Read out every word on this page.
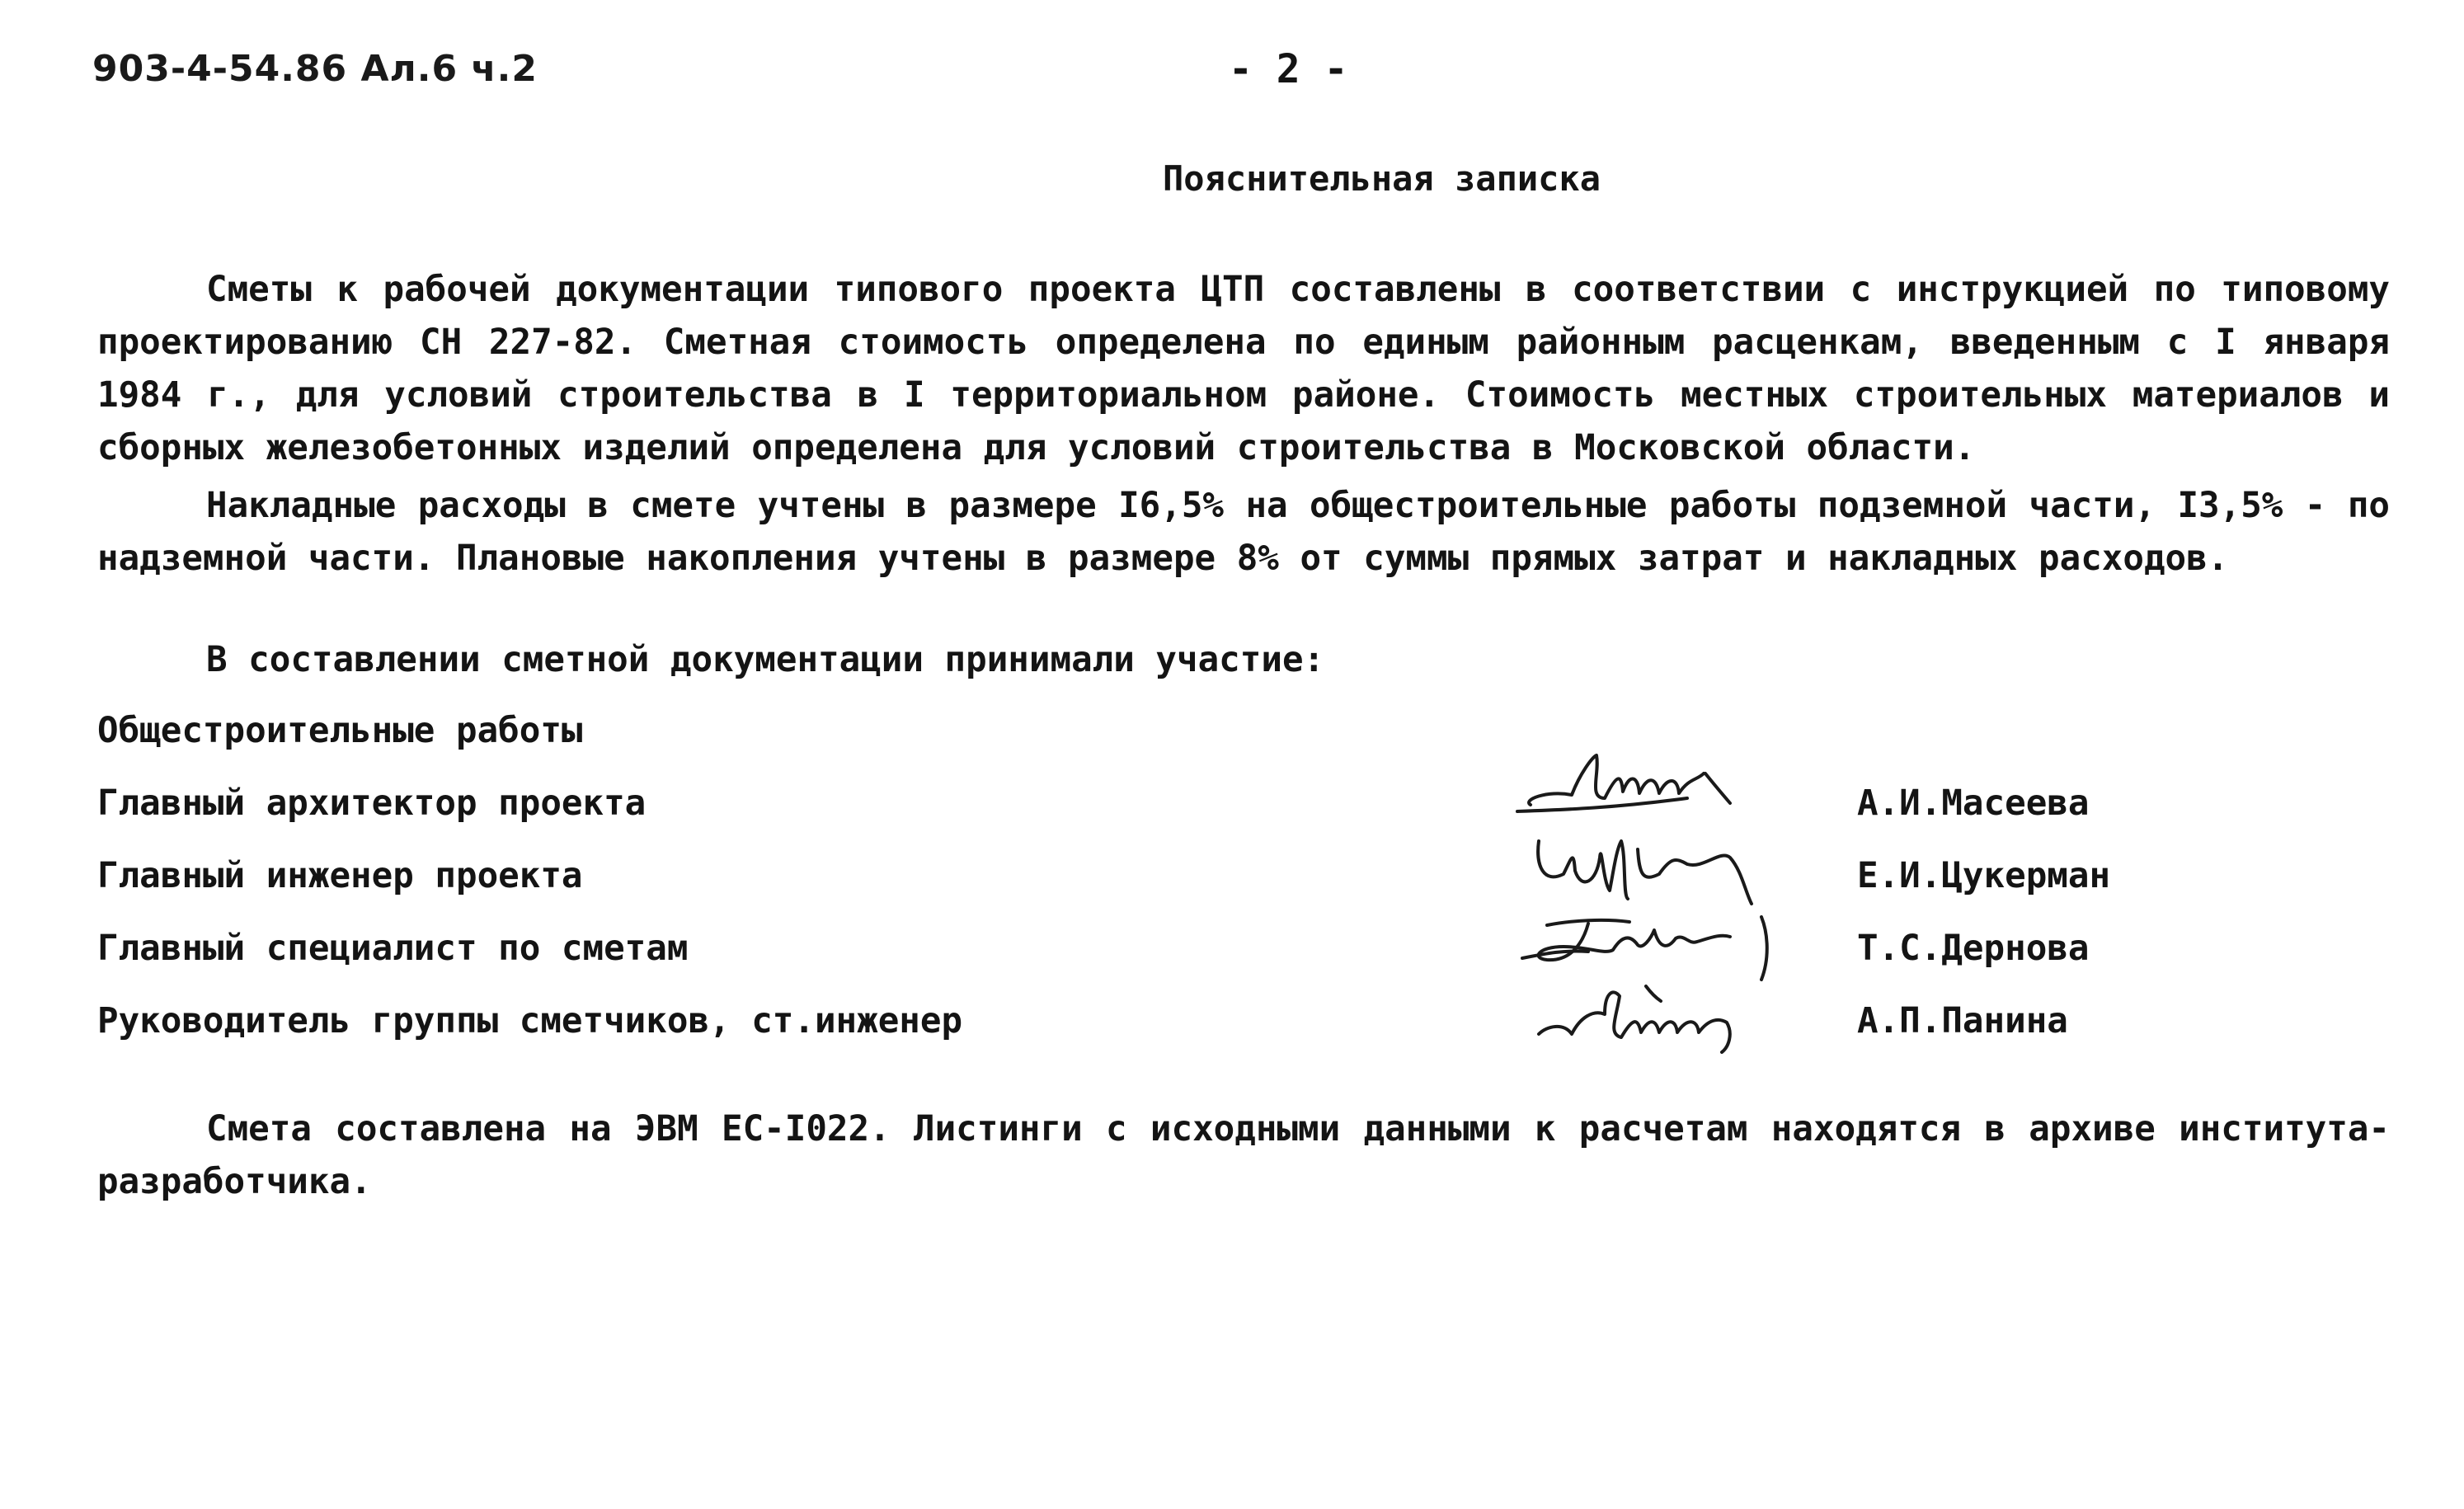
903-4-54.86 Ал.6 ч.2	- 2 -
Пояснительная записка

Сметы к рабочей документации типового проекта ЦТП составлены в соответствии с инструкцией по типовому проектированию СН 227-82. Сметная стоимость определена по единым районным расценкам, введенным с I января 1984 г., для условий строительства в I территориальном районе. Стоимость местных строительных материалов и сборных железобетонных изделий определена для условий строительства в Московской области.

Накладные расходы в смете учтены в размере I6,5% на общестроительные работы подземной части, I3,5% - по надземной части. Плановые накопления учтены в размере 8% от суммы прямых затрат и накладных расходов.

В составлении сметной документации принимали участие:
Общестроительные работы
Главный архитектор проекта	А.И.Масеева
Главный инженер проекта	Е.И.Цукерман
Главный специалист по сметам	Т.С.Дернова
Руководитель группы сметчиков, ст.инженер	А.П.Панина

Смета составлена на ЭВМ ЕС-I022. Листинги с исходными данными к расчетам находятся в архиве института-разработчика.
